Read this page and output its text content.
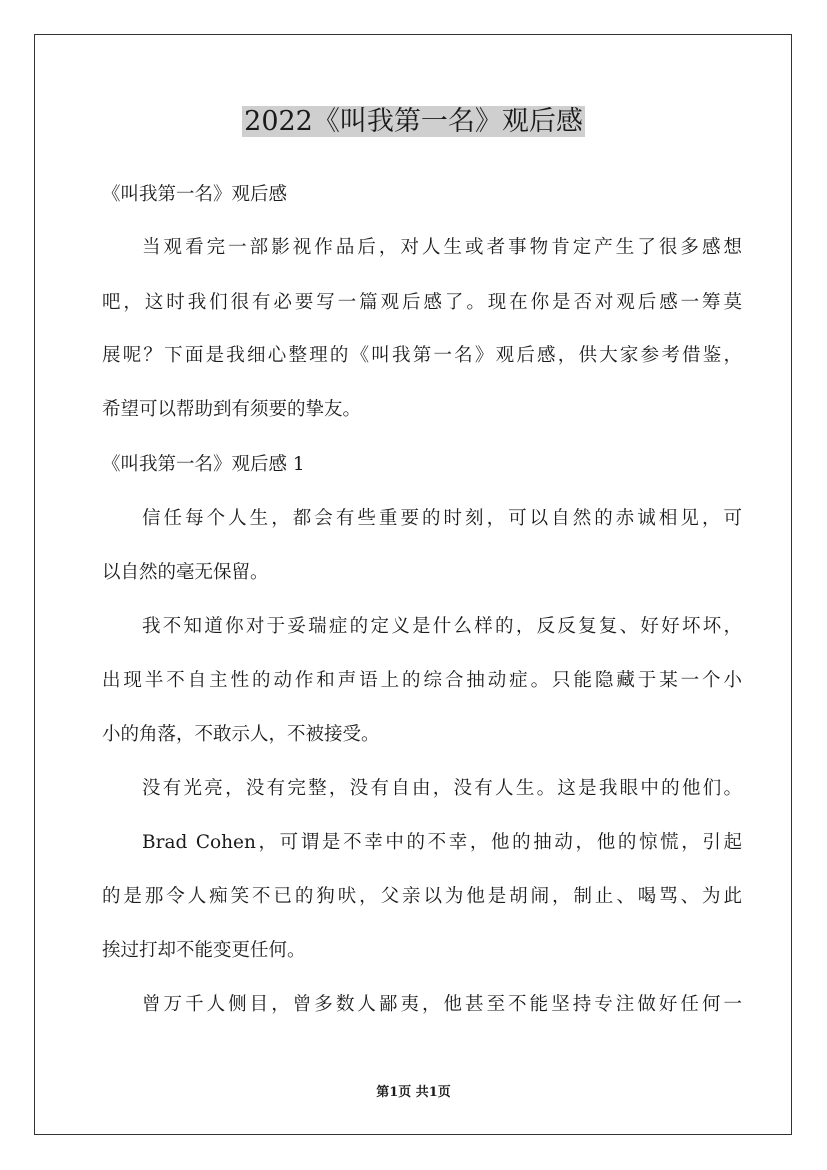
2022《叫我第一名》观后感
《叫我第一名》观后感
当观看完一部影视作品后，对人生或者事物肯定产生了很多感想
吧，这时我们很有必要写一篇观后感了。现在你是否对观后感一筹莫
展呢？下面是我细心整理的《叫我第一名》观后感，供大家参考借鉴，
希望可以帮助到有须要的挚友。
《叫我第一名》观后感 1
信任每个人生，都会有些重要的时刻，可以自然的赤诚相见，可
以自然的毫无保留。
我不知道你对于妥瑞症的定义是什么样的，反反复复、好好坏坏，
出现半不自主性的动作和声语上的综合抽动症。只能隐藏于某一个小
小的角落，不敢示人，不被接受。
没有光亮，没有完整，没有自由，没有人生。这是我眼中的他们。
Brad Cohen，可谓是不幸中的不幸，他的抽动，他的惊慌，引起
的是那令人痴笑不已的狗吠，父亲以为他是胡闹，制止、喝骂、为此
挨过打却不能变更任何。
曾万千人侧目，曾多数人鄙夷，他甚至不能坚持专注做好任何一
第1页 共1页
